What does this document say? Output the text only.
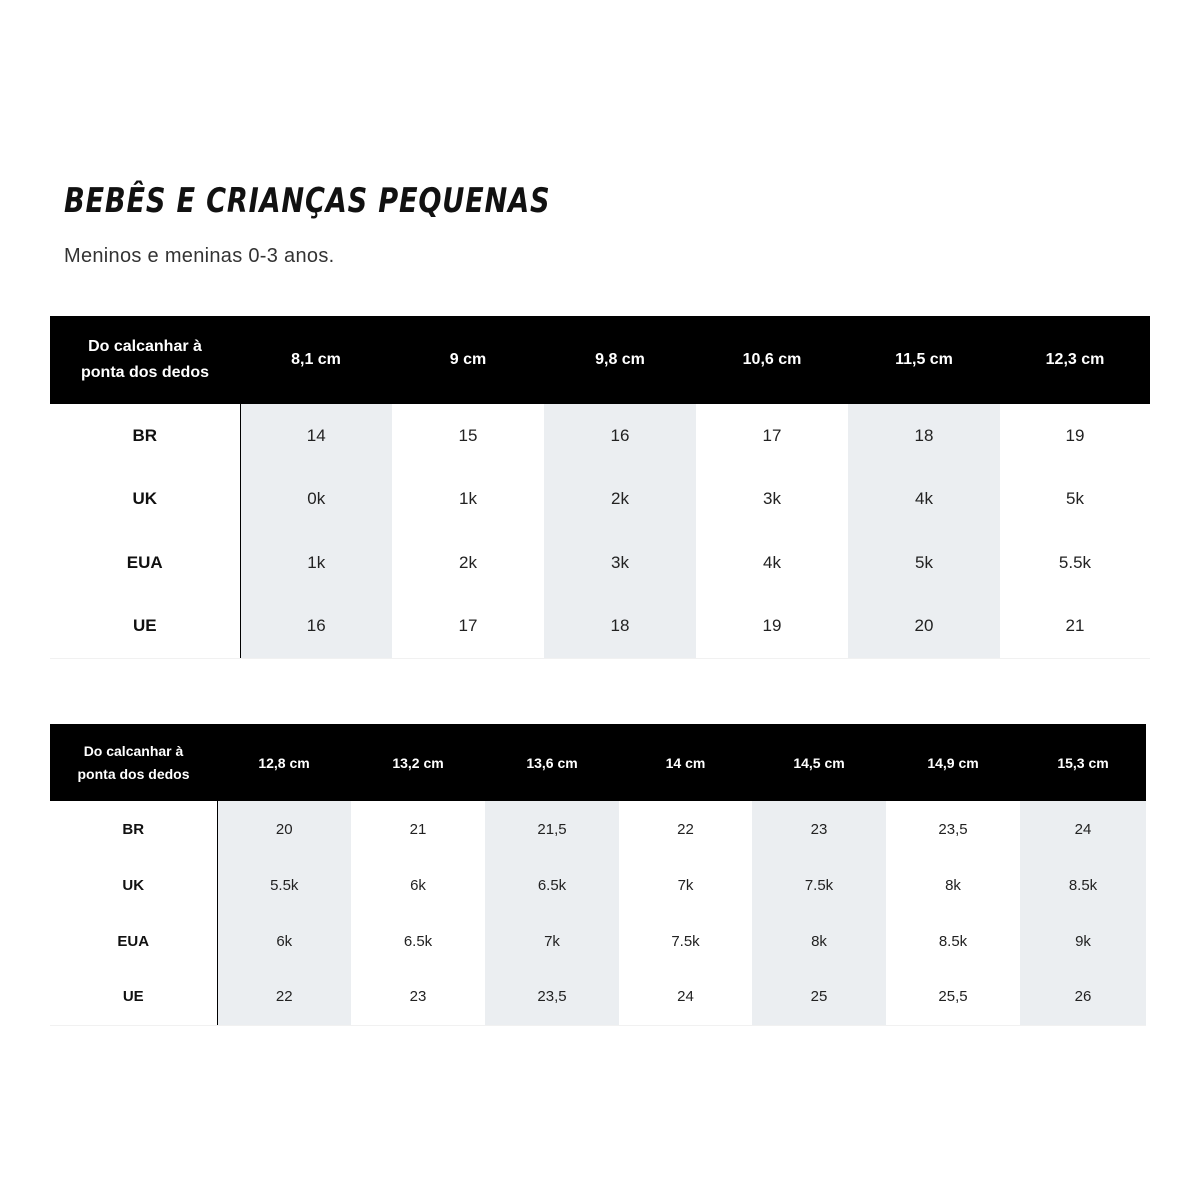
BEBÊS E CRIANÇAS PEQUENAS

Meninos e meninas 0-3 anos.

Do calcanhar à
ponta dos dedos	8,1 cm	9 cm	9,8 cm	10,6 cm	11,5 cm	12,3 cm
BR	14	15	16	17	18	19
UK	0k	1k	2k	3k	4k	5k
EUA	1k	2k	3k	4k	5k	5.5k
UE	16	17	18	19	20	21
Do calcanhar à
ponta dos dedos	12,8 cm	13,2 cm	13,6 cm	14 cm	14,5 cm	14,9 cm	15,3 cm
BR	20	21	21,5	22	23	23,5	24
UK	5.5k	6k	6.5k	7k	7.5k	8k	8.5k
EUA	6k	6.5k	7k	7.5k	8k	8.5k	9k
UE	22	23	23,5	24	25	25,5	26
